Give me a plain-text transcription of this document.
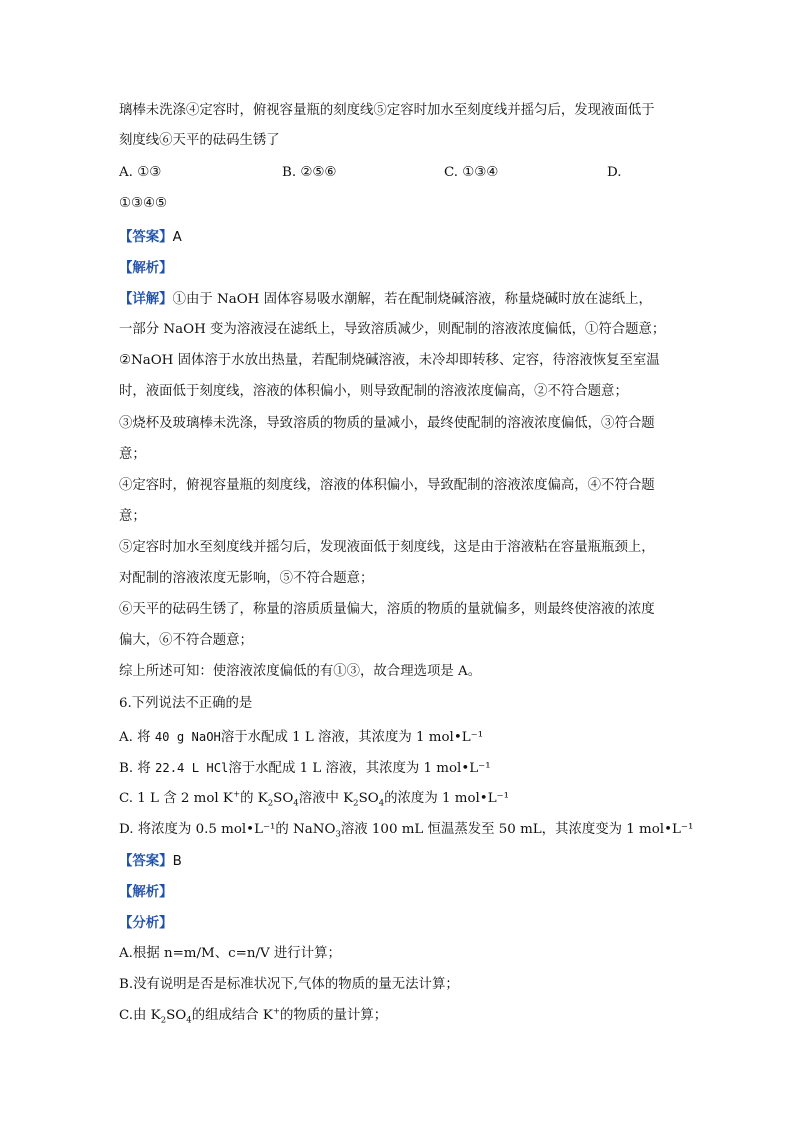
璃棒未洗涤④定容时，俯视容量瓶的刻度线⑤定容时加水至刻度线并摇匀后，发现液面低于
刻度线⑥天平的砝码生锈了
A. ①③	B. ②⑤⑥	C. ①③④	D.
①③④⑤
【答案】A
【解析】
【详解】①由于 NaOH 固体容易吸水潮解，若在配制烧碱溶液，称量烧碱时放在滤纸上，
一部分 NaOH 变为溶液浸在滤纸上，导致溶质减少，则配制的溶液浓度偏低，①符合题意；
②NaOH 固体溶于水放出热量，若配制烧碱溶液，未冷却即转移、定容，待溶液恢复至室温
时，液面低于刻度线，溶液的体积偏小，则导致配制的溶液浓度偏高，②不符合题意；
③烧杯及玻璃棒未洗涤，导致溶质的物质的量减小，最终使配制的溶液浓度偏低，③符合题
意；
④定容时，俯视容量瓶的刻度线，溶液的体积偏小，导致配制的溶液浓度偏高，④不符合题
意；
⑤定容时加水至刻度线并摇匀后，发现液面低于刻度线，这是由于溶液粘在容量瓶瓶颈上，
对配制的溶液浓度无影响，⑤不符合题意；
⑥天平的砝码生锈了，称量的溶质质量偏大，溶质的物质的量就偏多，则最终使溶液的浓度
偏大，⑥不符合题意；
综上所述可知：使溶液浓度偏低的有①③，故合理选项是 A。
6.下列说法不正确的是
A. 将 40 g NaOH溶于水配成 1 L 溶液，其浓度为 1 mol•L⁻¹
B. 将 22.4 L HCl溶于水配成 1 L 溶液，其浓度为 1 mol•L⁻¹
C. 1 L 含 2 mol K+的 $K_2SO_4$溶液中 $K_2SO_4$的浓度为 1 mol•L⁻¹
D. 将浓度为 0.5 mol•L⁻¹的 NaNO$_3$溶液 100 mL 恒温蒸发至 50 mL，其浓度变为 1 mol•L⁻¹
【答案】B
【解析】
【分析】
A.根据 n=m/M、c=n/V 进行计算；
B.没有说明是否是标准状况下,气体的物质的量无法计算；
C.由 $K_2SO_4$的组成结合 K+的物质的量计算；
